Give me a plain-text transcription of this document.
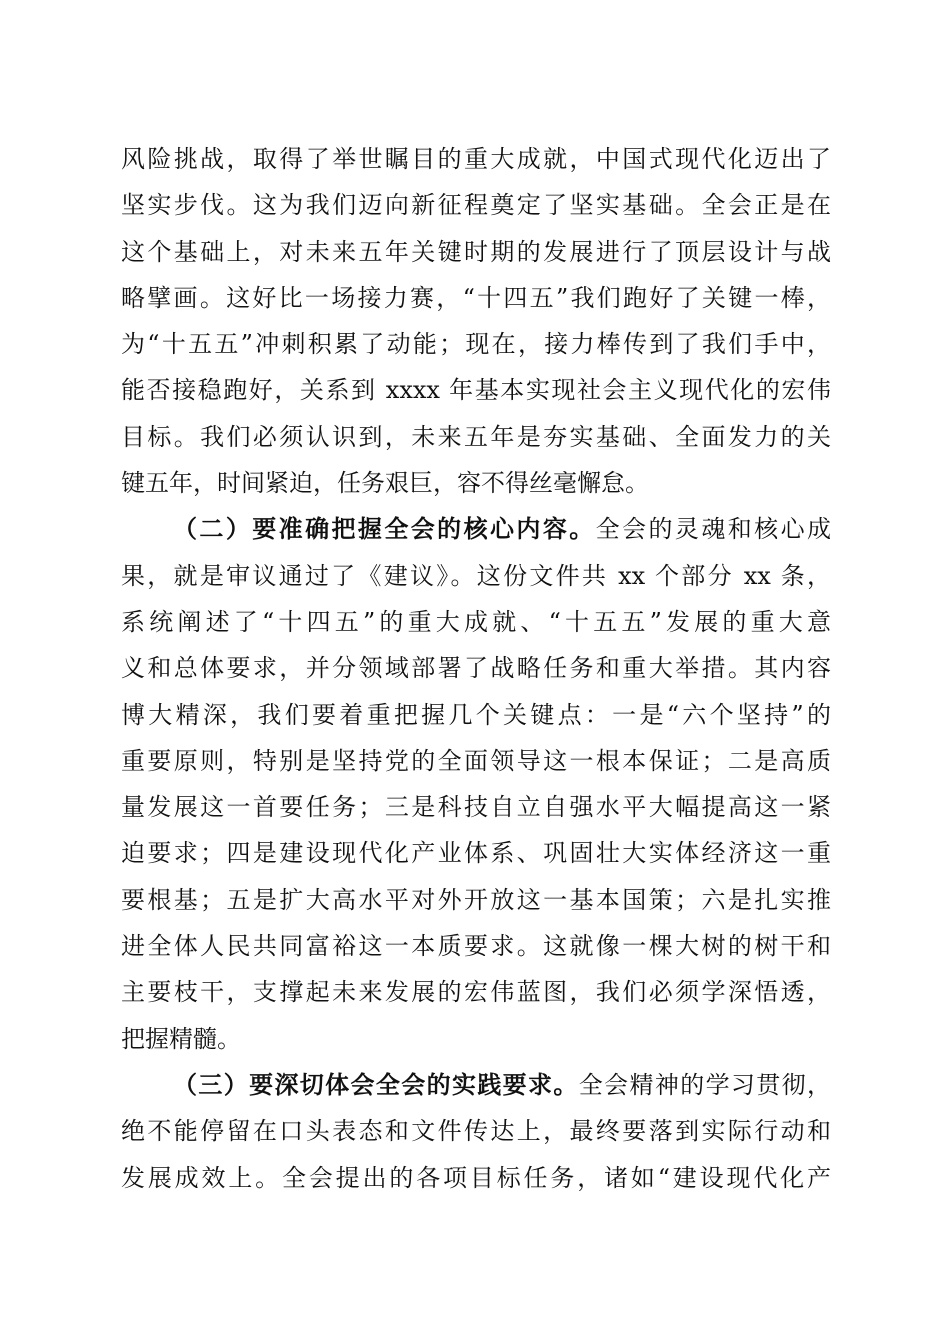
风险挑战，取得了举世瞩目的重大成就，中国式现代化迈出了
坚实步伐。这为我们迈向新征程奠定了坚实基础。全会正是在
这个基础上，对未来五年关键时期的发展进行了顶层设计与战
略擘画。这好比一场接力赛，“十四五”我们跑好了关键一棒，
为“十五五”冲刺积累了动能；现在，接力棒传到了我们手中，
能否接稳跑好，关系到 xxxx 年基本实现社会主义现代化的宏伟
目标。我们必须认识到，未来五年是夯实基础、全面发力的关
键五年，时间紧迫，任务艰巨，容不得丝毫懈怠。
（二）要准确把握全会的核心内容。全会的灵魂和核心成
果，就是审议通过了《建议》。这份文件共 xx 个部分 xx 条，
系统阐述了“十四五”的重大成就、“十五五”发展的重大意
义和总体要求，并分领域部署了战略任务和重大举措。其内容
博大精深，我们要着重把握几个关键点：一是“六个坚持”的
重要原则，特别是坚持党的全面领导这一根本保证；二是高质
量发展这一首要任务；三是科技自立自强水平大幅提高这一紧
迫要求；四是建设现代化产业体系、巩固壮大实体经济这一重
要根基；五是扩大高水平对外开放这一基本国策；六是扎实推
进全体人民共同富裕这一本质要求。这就像一棵大树的树干和
主要枝干，支撑起未来发展的宏伟蓝图，我们必须学深悟透，
把握精髓。
（三）要深切体会全会的实践要求。全会精神的学习贯彻，
绝不能停留在口头表态和文件传达上，最终要落到实际行动和
发展成效上。全会提出的各项目标任务，诸如“建设现代化产
